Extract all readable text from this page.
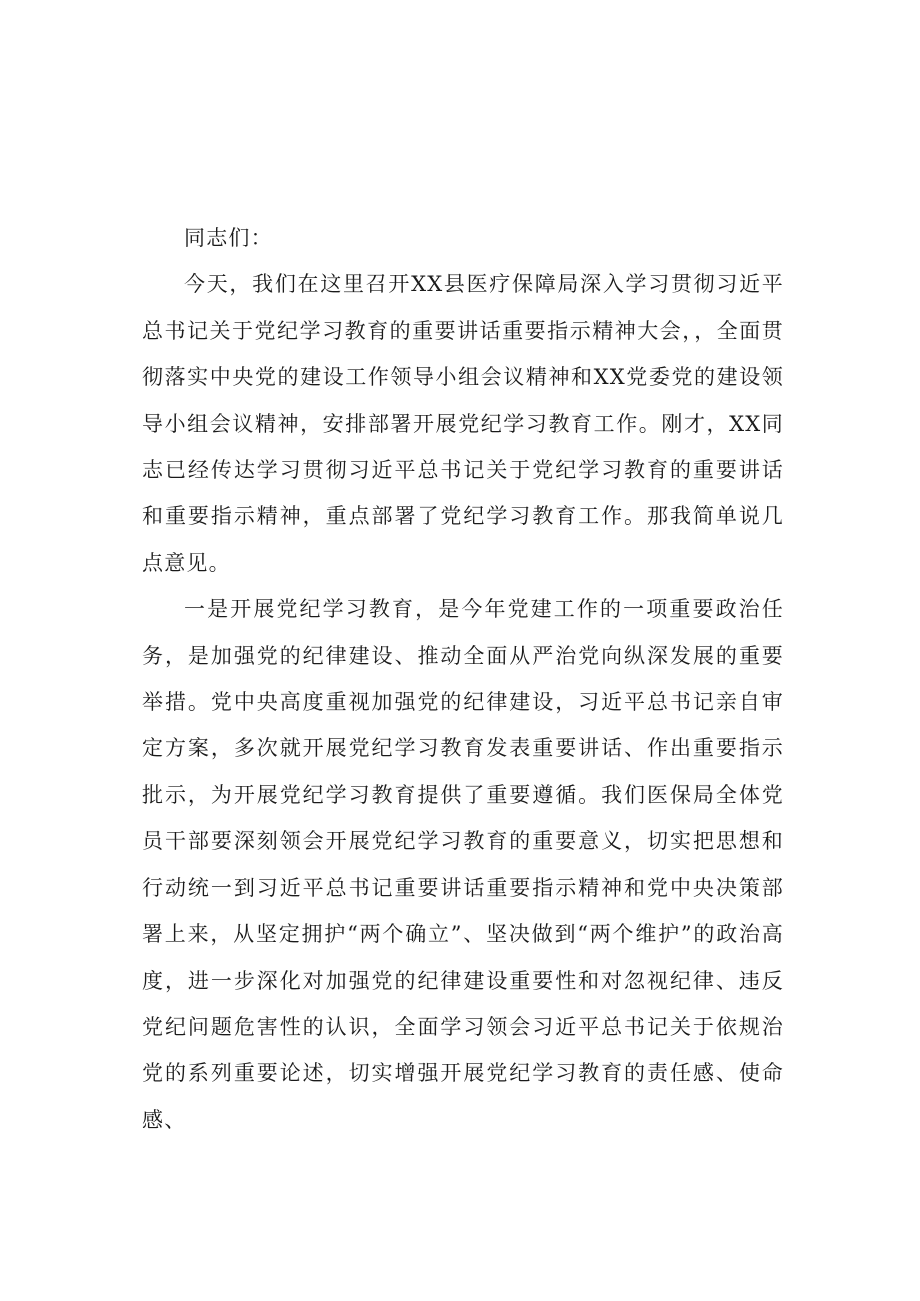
同志们：

今天，我们在这里召开XX县医疗保障局深入学习贯彻习近平总书记关于党纪学习教育的重要讲话重要指示精神大会，，全面贯彻落实中央党的建设工作领导小组会议精神和XX党委党的建设领导小组会议精神，安排部署开展党纪学习教育工作。刚才，XX同志已经传达学习贯彻习近平总书记关于党纪学习教育的重要讲话和重要指示精神，重点部署了党纪学习教育工作。那我简单说几点意见。

一是开展党纪学习教育，是今年党建工作的一项重要政治任务，是加强党的纪律建设、推动全面从严治党向纵深发展的重要举措。党中央高度重视加强党的纪律建设，习近平总书记亲自审定方案，多次就开展党纪学习教育发表重要讲话、作出重要指示批示，为开展党纪学习教育提供了重要遵循。我们医保局全体党员干部要深刻领会开展党纪学习教育的重要意义，切实把思想和行动统一到习近平总书记重要讲话重要指示精神和党中央决策部署上来，从坚定拥护“两个确立”、坚决做到“两个维护”的政治高度，进一步深化对加强党的纪律建设重要性和对忽视纪律、违反党纪问题危害性的认识，全面学习领会习近平总书记关于依规治党的系列重要论述，切实增强开展党纪学习教育的责任感、使命感、
